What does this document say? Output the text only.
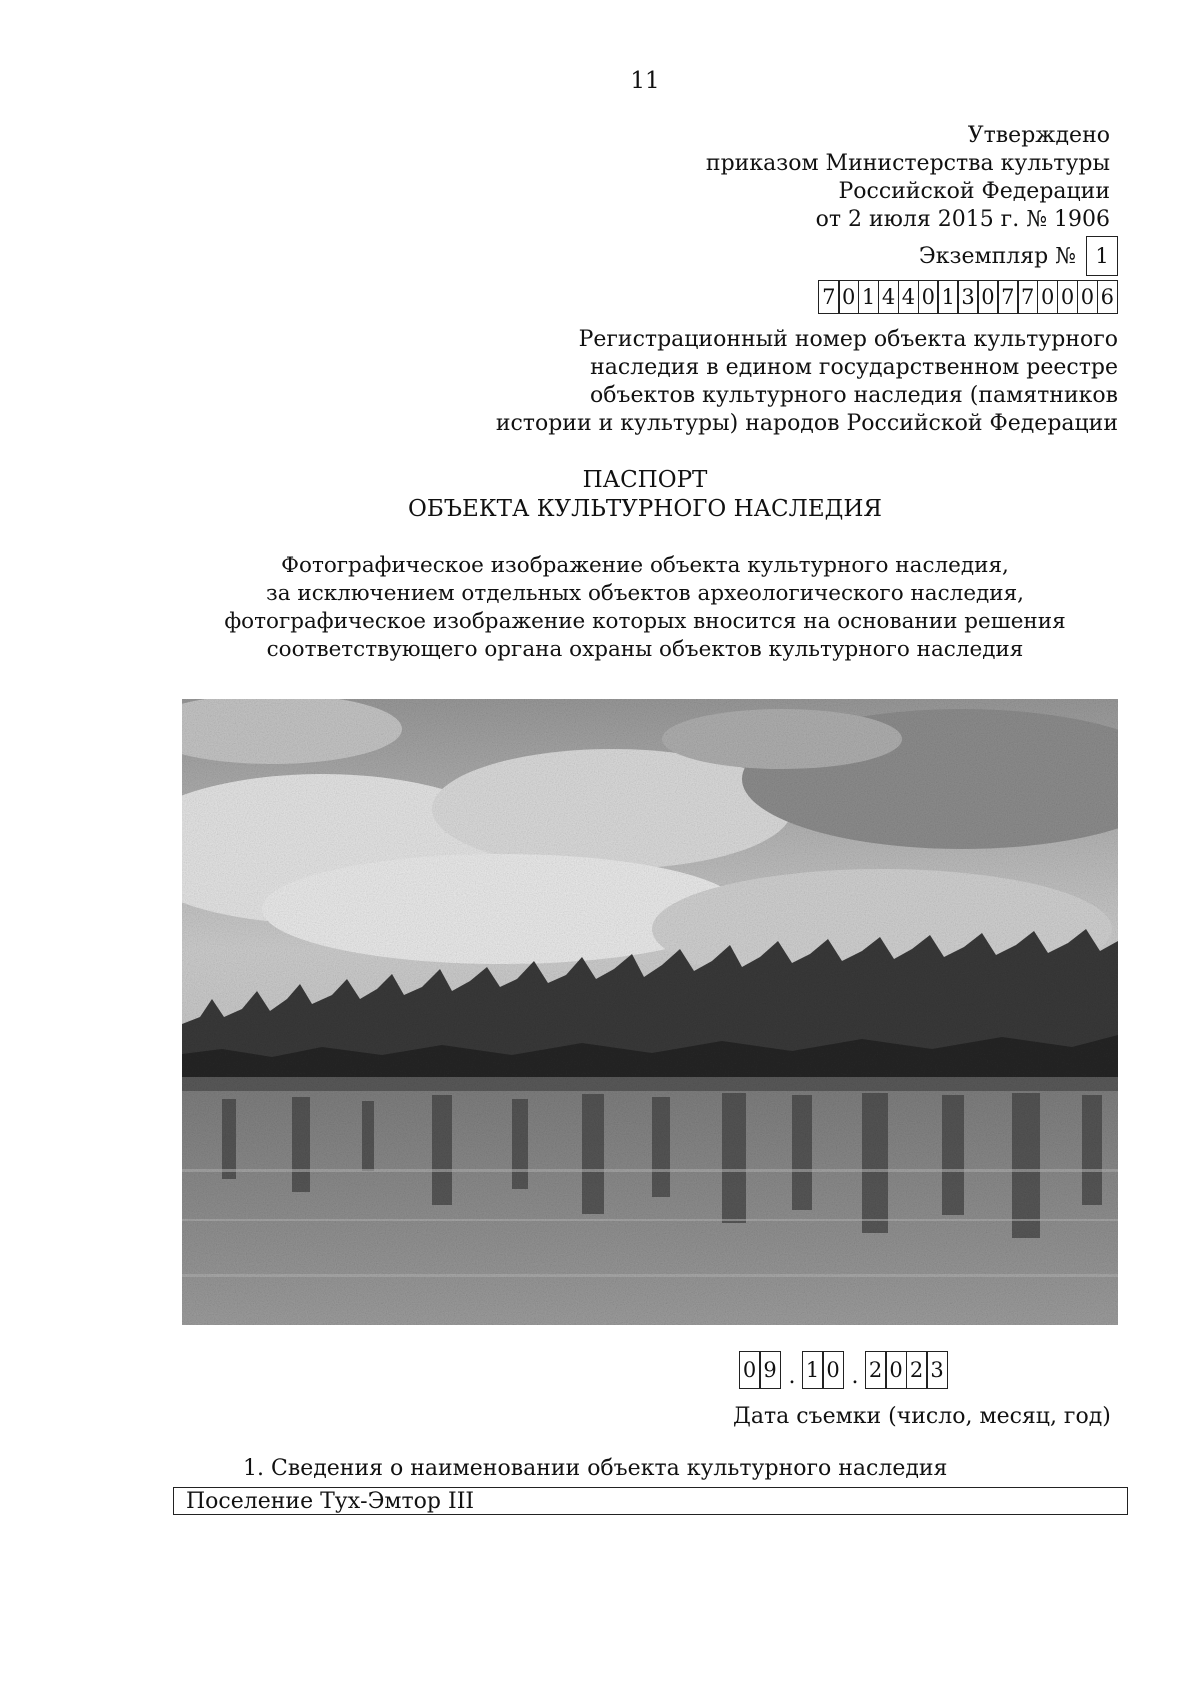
11
Утверждено
приказом Министерства культуры
Российской Федерации
от 2 июля 2015 г. № 1906
Экземпляр № 1
7 0 1 4 4 0 1 3 0 7 7 0 0 0 6
Регистрационный номер объекта культурного
наследия в едином государственном реестре
объектов культурного наследия (памятников
истории и культуры) народов Российской Федерации
ПАСПОРТ
ОБЪЕКТА КУЛЬТУРНОГО НАСЛЕДИЯ
Фотографическое изображение объекта культурного наследия,
за исключением отдельных объектов археологического наследия,
фотографическое изображение которых вносится на основании решения
соответствующего органа охраны объектов культурного наследия
0 9 . 1 0 . 2 0 2 3
Дата съемки (число, месяц, год)
1. Сведения о наименовании объекта культурного наследия
Поселение Тух-Эмтор III
